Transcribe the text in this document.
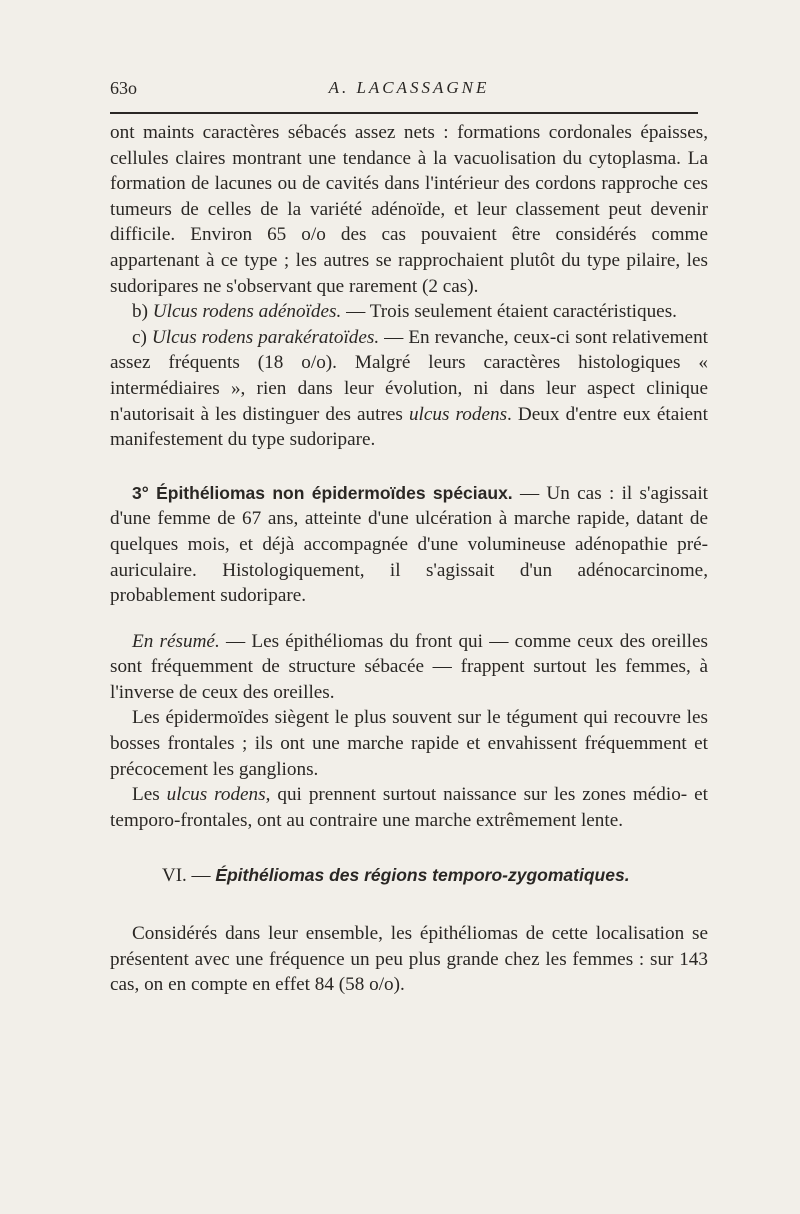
63o	A. LACASSAGNE

ont maints caractères sébacés assez nets : formations cordonales épaisses, cellules claires montrant une tendance à la vacuolisation du cytoplasma. La formation de lacunes ou de cavités dans l'intérieur des cordons rapproche ces tumeurs de celles de la variété adénoïde, et leur classement peut devenir difficile. Environ 65 o/o des cas pouvaient être considérés comme appartenant à ce type ; les autres se rapprochaient plutôt du type pilaire, les sudoripares ne s'observant que rarement (2 cas).

b) Ulcus rodens adénoïdes. — Trois seulement étaient caractéristiques.

c) Ulcus rodens parakératoïdes. — En revanche, ceux-ci sont relativement assez fréquents (18 o/o). Malgré leurs caractères histologiques « intermédiaires », rien dans leur évolution, ni dans leur aspect clinique n'autorisait à les distinguer des autres ulcus rodens. Deux d'entre eux étaient manifestement du type sudoripare.

3° Épithéliomas non épidermoïdes spéciaux. — Un cas : il s'agissait d'une femme de 67 ans, atteinte d'une ulcération à marche rapide, datant de quelques mois, et déjà accompagnée d'une volumineuse adénopathie pré-auriculaire. Histologiquement, il s'agissait d'un adénocarcinome, probablement sudoripare.

En résumé. — Les épithéliomas du front qui — comme ceux des oreilles sont fréquemment de structure sébacée — frappent surtout les femmes, à l'inverse de ceux des oreilles.

Les épidermoïdes siègent le plus souvent sur le tégument qui recouvre les bosses frontales ; ils ont une marche rapide et envahissent fréquemment et précocement les ganglions.

Les ulcus rodens, qui prennent surtout naissance sur les zones médio- et temporo-frontales, ont au contraire une marche extrêmement lente.

VI. — Épithéliomas des régions temporo-zygomatiques.

Considérés dans leur ensemble, les épithéliomas de cette localisation se présentent avec une fréquence un peu plus grande chez les femmes : sur 143 cas, on en compte en effet 84 (58 o/o).
